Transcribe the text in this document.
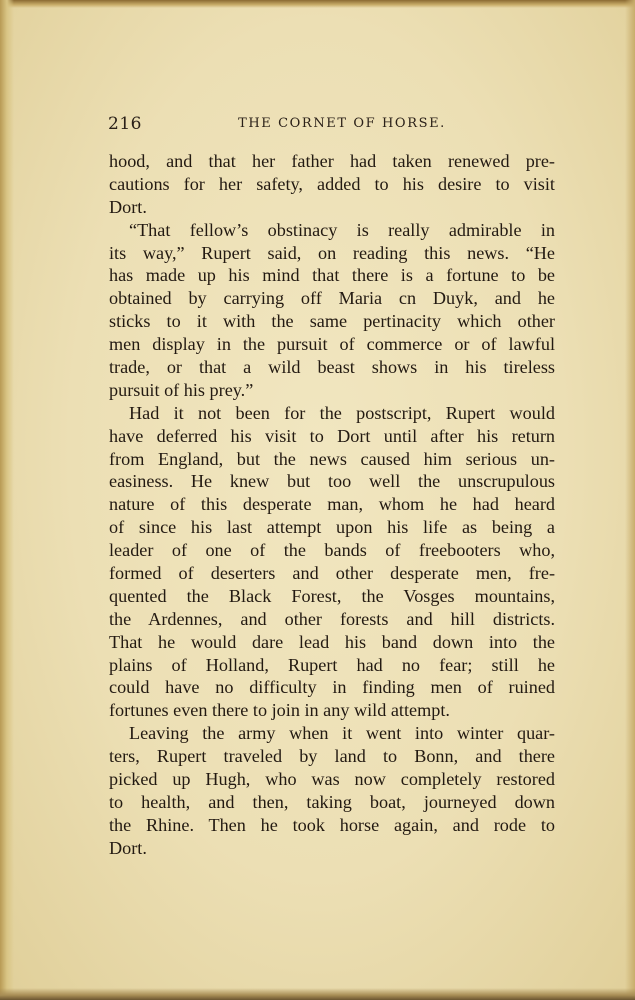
216	THE CORNET OF HORSE.
hood, and that her father had taken renewed pre-
cautions for her safety, added to his desire to visit
Dort.
“That fellow’s obstinacy is really admirable in
its way,” Rupert said, on reading this news. “He
has made up his mind that there is a fortune to be
obtained by carrying off Maria cn Duyk, and he
sticks to it with the same pertinacity which other
men display in the pursuit of commerce or of lawful
trade, or that a wild beast shows in his tireless
pursuit of his prey.”
Had it not been for the postscript, Rupert would
have deferred his visit to Dort until after his return
from England, but the news caused him serious un-
easiness. He knew but too well the unscrupulous
nature of this desperate man, whom he had heard
of since his last attempt upon his life as being a
leader of one of the bands of freebooters who,
formed of deserters and other desperate men, fre-
quented the Black Forest, the Vosges mountains,
the Ardennes, and other forests and hill districts.
That he would dare lead his band down into the
plains of Holland, Rupert had no fear; still he
could have no difficulty in finding men of ruined
fortunes even there to join in any wild attempt.
Leaving the army when it went into winter quar-
ters, Rupert traveled by land to Bonn, and there
picked up Hugh, who was now completely restored
to health, and then, taking boat, journeyed down
the Rhine. Then he took horse again, and rode to
Dort.
